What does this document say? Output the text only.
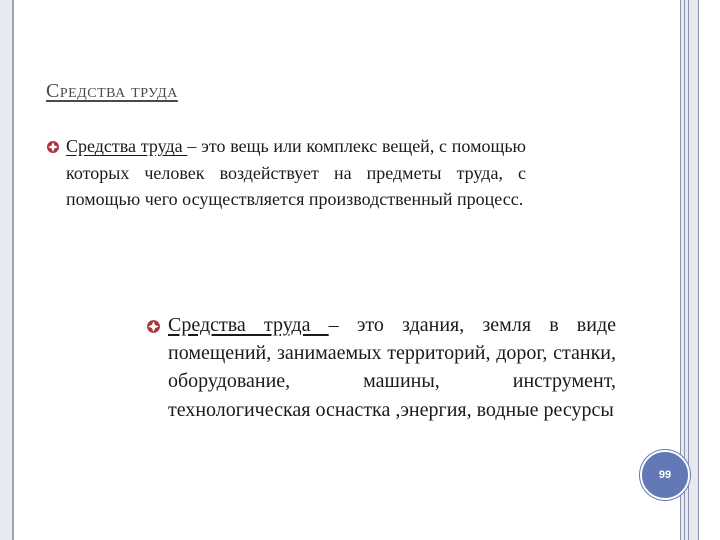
Средства труда
Средства труда – это вещь или комплекс вещей, с помощью которых человек воздействует на предметы труда, с помощью чего осуществляется производственный процесс.
Средства труда – это здания, земля в виде помещений, занимаемых территорий, дорог, станки, оборудование, машины, инструмент, технологическая оснастка ,энергия, водные ресурсы
99
